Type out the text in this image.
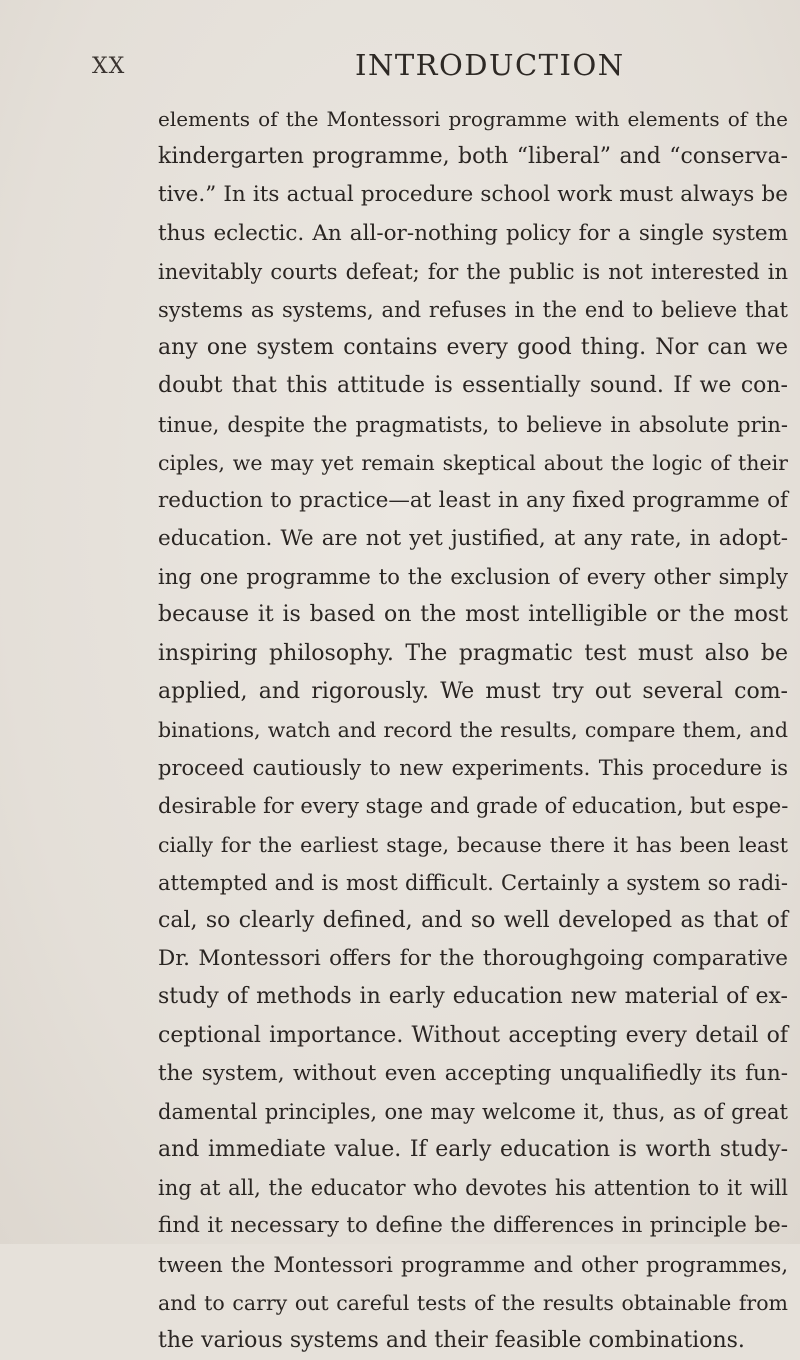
XX	INTRODUCTION
elements of the Montessori programme with elements of the
kindergarten programme, both “liberal” and “conserva-
tive.” In its actual procedure school work must always be
thus eclectic. An all-or-nothing policy for a single system
inevitably courts defeat; for the public is not interested in
systems as systems, and refuses in the end to believe that
any one system contains every good thing. Nor can we
doubt that this attitude is essentially sound. If we con-
tinue, despite the pragmatists, to believe in absolute prin-
ciples, we may yet remain skeptical about the logic of their
reduction to practice—at least in any fixed programme of
education. We are not yet justified, at any rate, in adopt-
ing one programme to the exclusion of every other simply
because it is based on the most intelligible or the most
inspiring philosophy. The pragmatic test must also be
applied, and rigorously. We must try out several com-
binations, watch and record the results, compare them, and
proceed cautiously to new experiments. This procedure is
desirable for every stage and grade of education, but espe-
cially for the earliest stage, because there it has been least
attempted and is most difficult. Certainly a system so radi-
cal, so clearly defined, and so well developed as that of
Dr. Montessori offers for the thoroughgoing comparative
study of methods in early education new material of ex-
ceptional importance. Without accepting every detail of
the system, without even accepting unqualifiedly its fun-
damental principles, one may welcome it, thus, as of great
and immediate value. If early education is worth study-
ing at all, the educator who devotes his attention to it will
find it necessary to define the differences in principle be-
tween the Montessori programme and other programmes,
and to carry out careful tests of the results obtainable from
the various systems and their feasible combinations.
